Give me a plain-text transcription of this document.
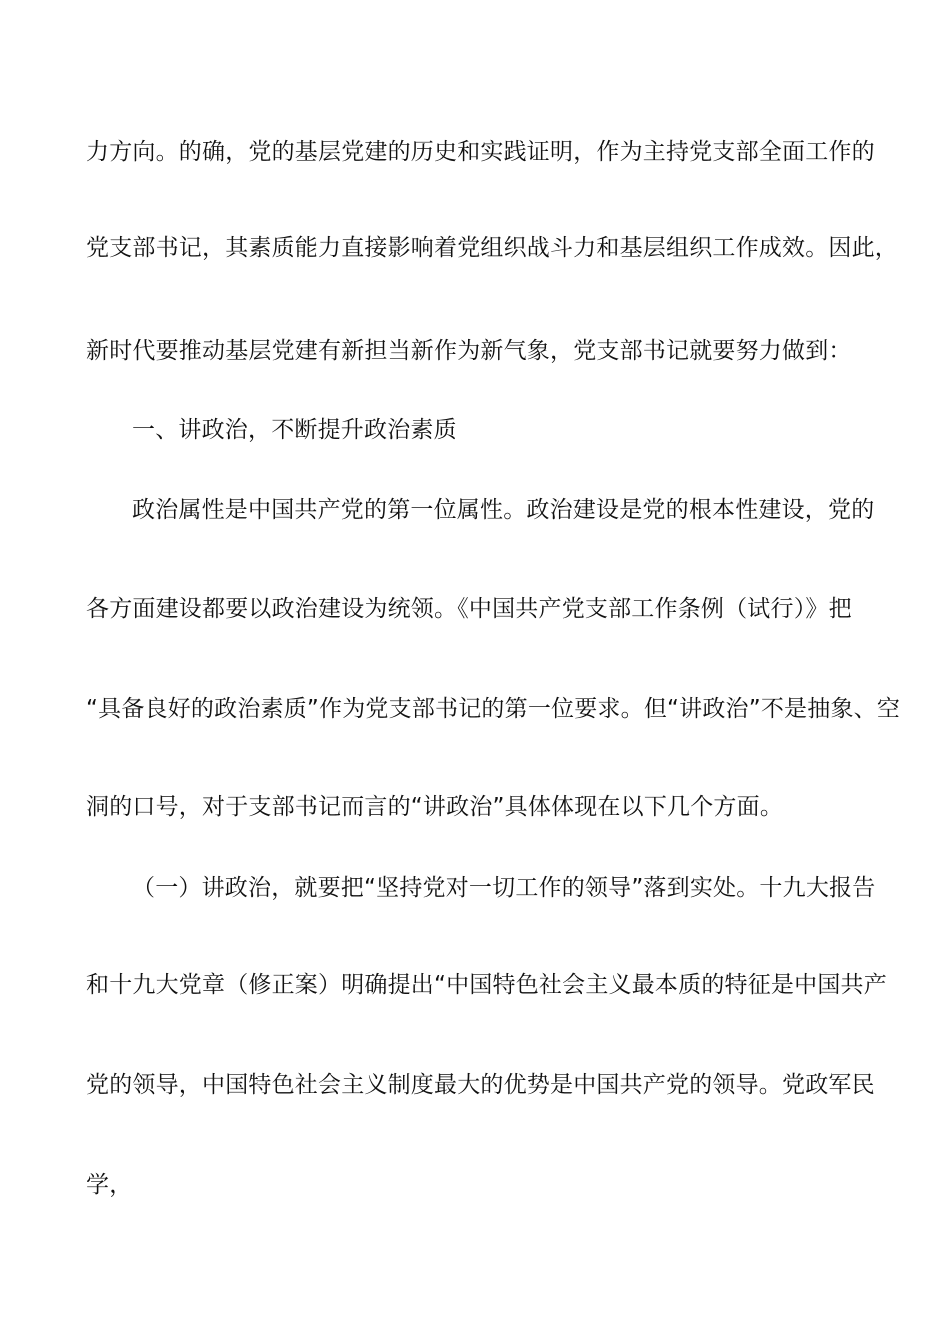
力方向。的确，党的基层党建的历史和实践证明，作为主持党支部全面工作的
党支部书记，其素质能力直接影响着党组织战斗力和基层组织工作成效。因此，
新时代要推动基层党建有新担当新作为新气象，党支部书记就要努力做到：
一、讲政治，不断提升政治素质
政治属性是中国共产党的第一位属性。政治建设是党的根本性建设，党的
各方面建设都要以政治建设为统领。《中国共产党支部工作条例（试行）》把
“具备良好的政治素质”作为党支部书记的第一位要求。但“讲政治”不是抽象、空
洞的口号，对于支部书记而言的“讲政治”具体体现在以下几个方面。
（一）讲政治，就要把“坚持党对一切工作的领导”落到实处。十九大报告
和十九大党章（修正案）明确提出“中国特色社会主义最本质的特征是中国共产
党的领导，中国特色社会主义制度最大的优势是中国共产党的领导。党政军民
学，
